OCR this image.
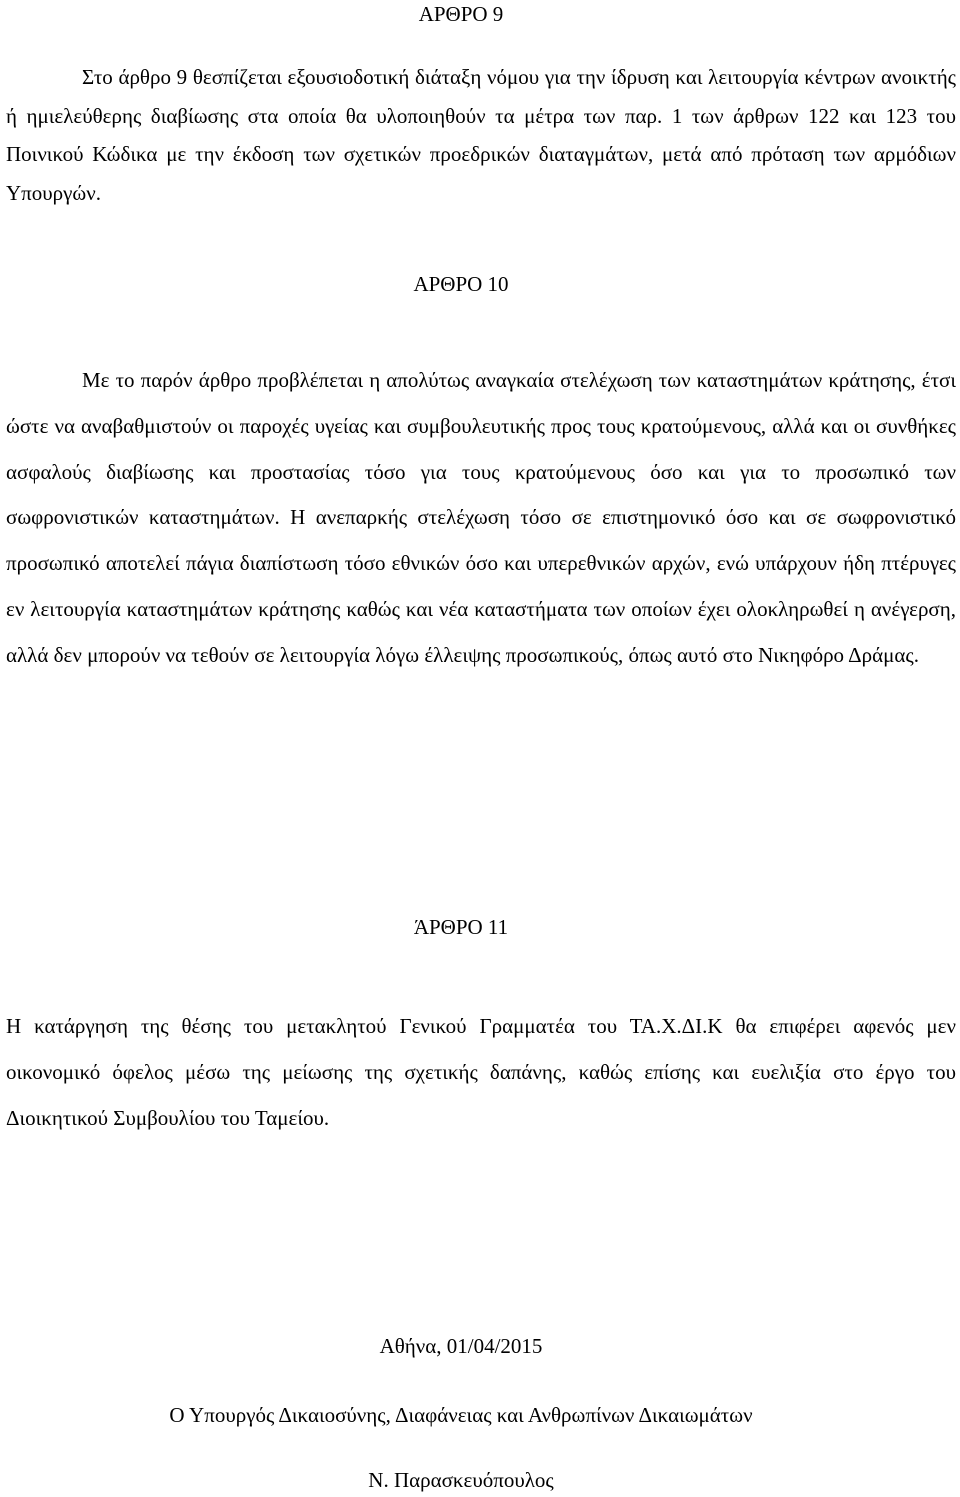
ΑΡΘΡΟ 9

Στο άρθρο 9 θεσπίζεται εξουσιοδοτική διάταξη νόμου για την ίδρυση και λειτουργία κέντρων ανοικτής ή ημιελεύθερης διαβίωσης στα οποία θα υλοποιηθούν τα μέτρα των παρ. 1 των άρθρων 122 και 123 του Ποινικού Κώδικα με την έκδοση των σχετικών προεδρικών διαταγμάτων, μετά από πρόταση των αρμόδιων Υπουργών.

ΑΡΘΡΟ 10

Με το παρόν άρθρο προβλέπεται η απολύτως αναγκαία στελέχωση των καταστημάτων κράτησης, έτσι ώστε να αναβαθμιστούν οι παροχές υγείας και συμβουλευτικής προς τους κρατούμενους, αλλά και οι συνθήκες ασφαλούς διαβίωσης και προστασίας τόσο για τους κρατούμενους όσο και για το προσωπικό των σωφρονιστικών καταστημάτων. Η ανεπαρκής στελέχωση τόσο σε επιστημονικό όσο και σε σωφρονιστικό προσωπικό αποτελεί πάγια διαπίστωση τόσο εθνικών όσο και υπερεθνικών αρχών, ενώ υπάρχουν ήδη πτέρυγες εν λειτουργία καταστημάτων κράτησης καθώς και νέα καταστήματα των οποίων έχει ολοκληρωθεί η ανέγερση, αλλά δεν μπορούν να τεθούν σε λειτουργία λόγω έλλειψης προσωπικούς, όπως αυτό στο Νικηφόρο Δράμας.

ΆΡΘΡΟ 11

Η κατάργηση της θέσης του μετακλητού Γενικού Γραμματέα του ΤΑ.Χ.ΔΙ.Κ θα επιφέρει αφενός μεν οικονομικό όφελος μέσω της μείωσης της σχετικής δαπάνης, καθώς επίσης και ευελιξία στο έργο του Διοικητικού Συμβουλίου του Ταμείου.

Αθήνα, 01/04/2015

Ο Υπουργός Δικαιοσύνης, Διαφάνειας και Ανθρωπίνων Δικαιωμάτων

Ν. Παρασκευόπουλος
